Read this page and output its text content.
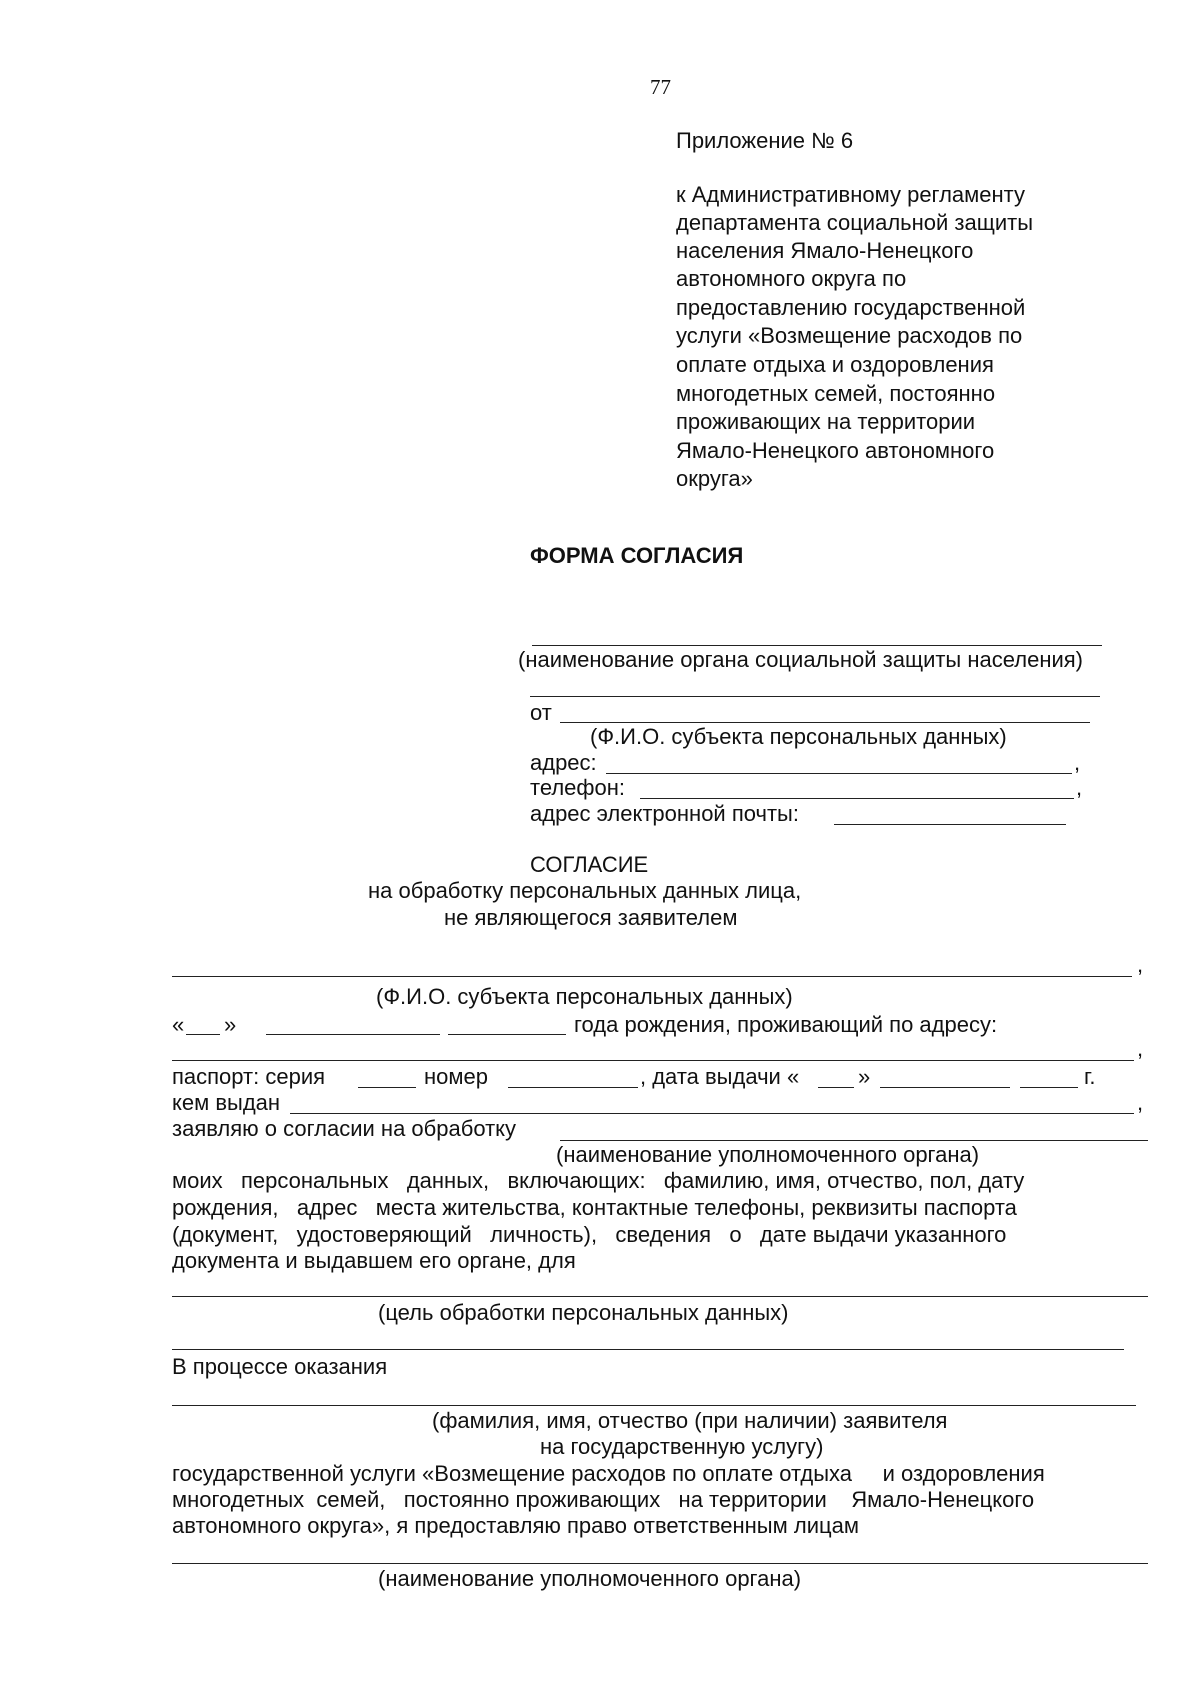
77
Приложение № 6
к Административному регламенту
департамента социальной защиты
населения Ямало-Ненецкого
автономного округа по
предоставлению государственной
услуги «Возмещение расходов по
оплате отдыха и оздоровления
многодетных семей, постоянно
проживающих на территории
Ямало-Ненецкого автономного
округа»
ФОРМА СОГЛАСИЯ
(наименование органа социальной защиты населения)
от
(Ф.И.О. субъекта персональных данных)
адрес:	,
телефон:	,
адрес электронной почты:
СОГЛАСИЕ
на обработку персональных данных лица,
не являющегося заявителем
,
(Ф.И.О. субъекта персональных данных)
« »	года рождения, проживающий по адресу:
,
паспорт: серия	номер	, дата выдачи «	»	г.
кем выдан	,
заявляю о согласии на обработку
(наименование уполномоченного органа)
моих   персональных   данных,   включающих:   фамилию, имя, отчество, пол, дату
рождения,   адрес   места жительства, контактные телефоны, реквизиты паспорта
(документ,   удостоверяющий   личность),   сведения   о   дате выдачи указанного
документа и выдавшем его органе, для
(цель обработки персональных данных)
В процессе оказания
(фамилия, имя, отчество (при наличии) заявителя
на государственную услугу)
государственной услуги «Возмещение расходов по оплате отдыха     и оздоровления
многодетных  семей,   постоянно проживающих   на территории    Ямало-Ненецкого
автономного округа», я предоставляю право ответственным лицам
(наименование уполномоченного органа)
